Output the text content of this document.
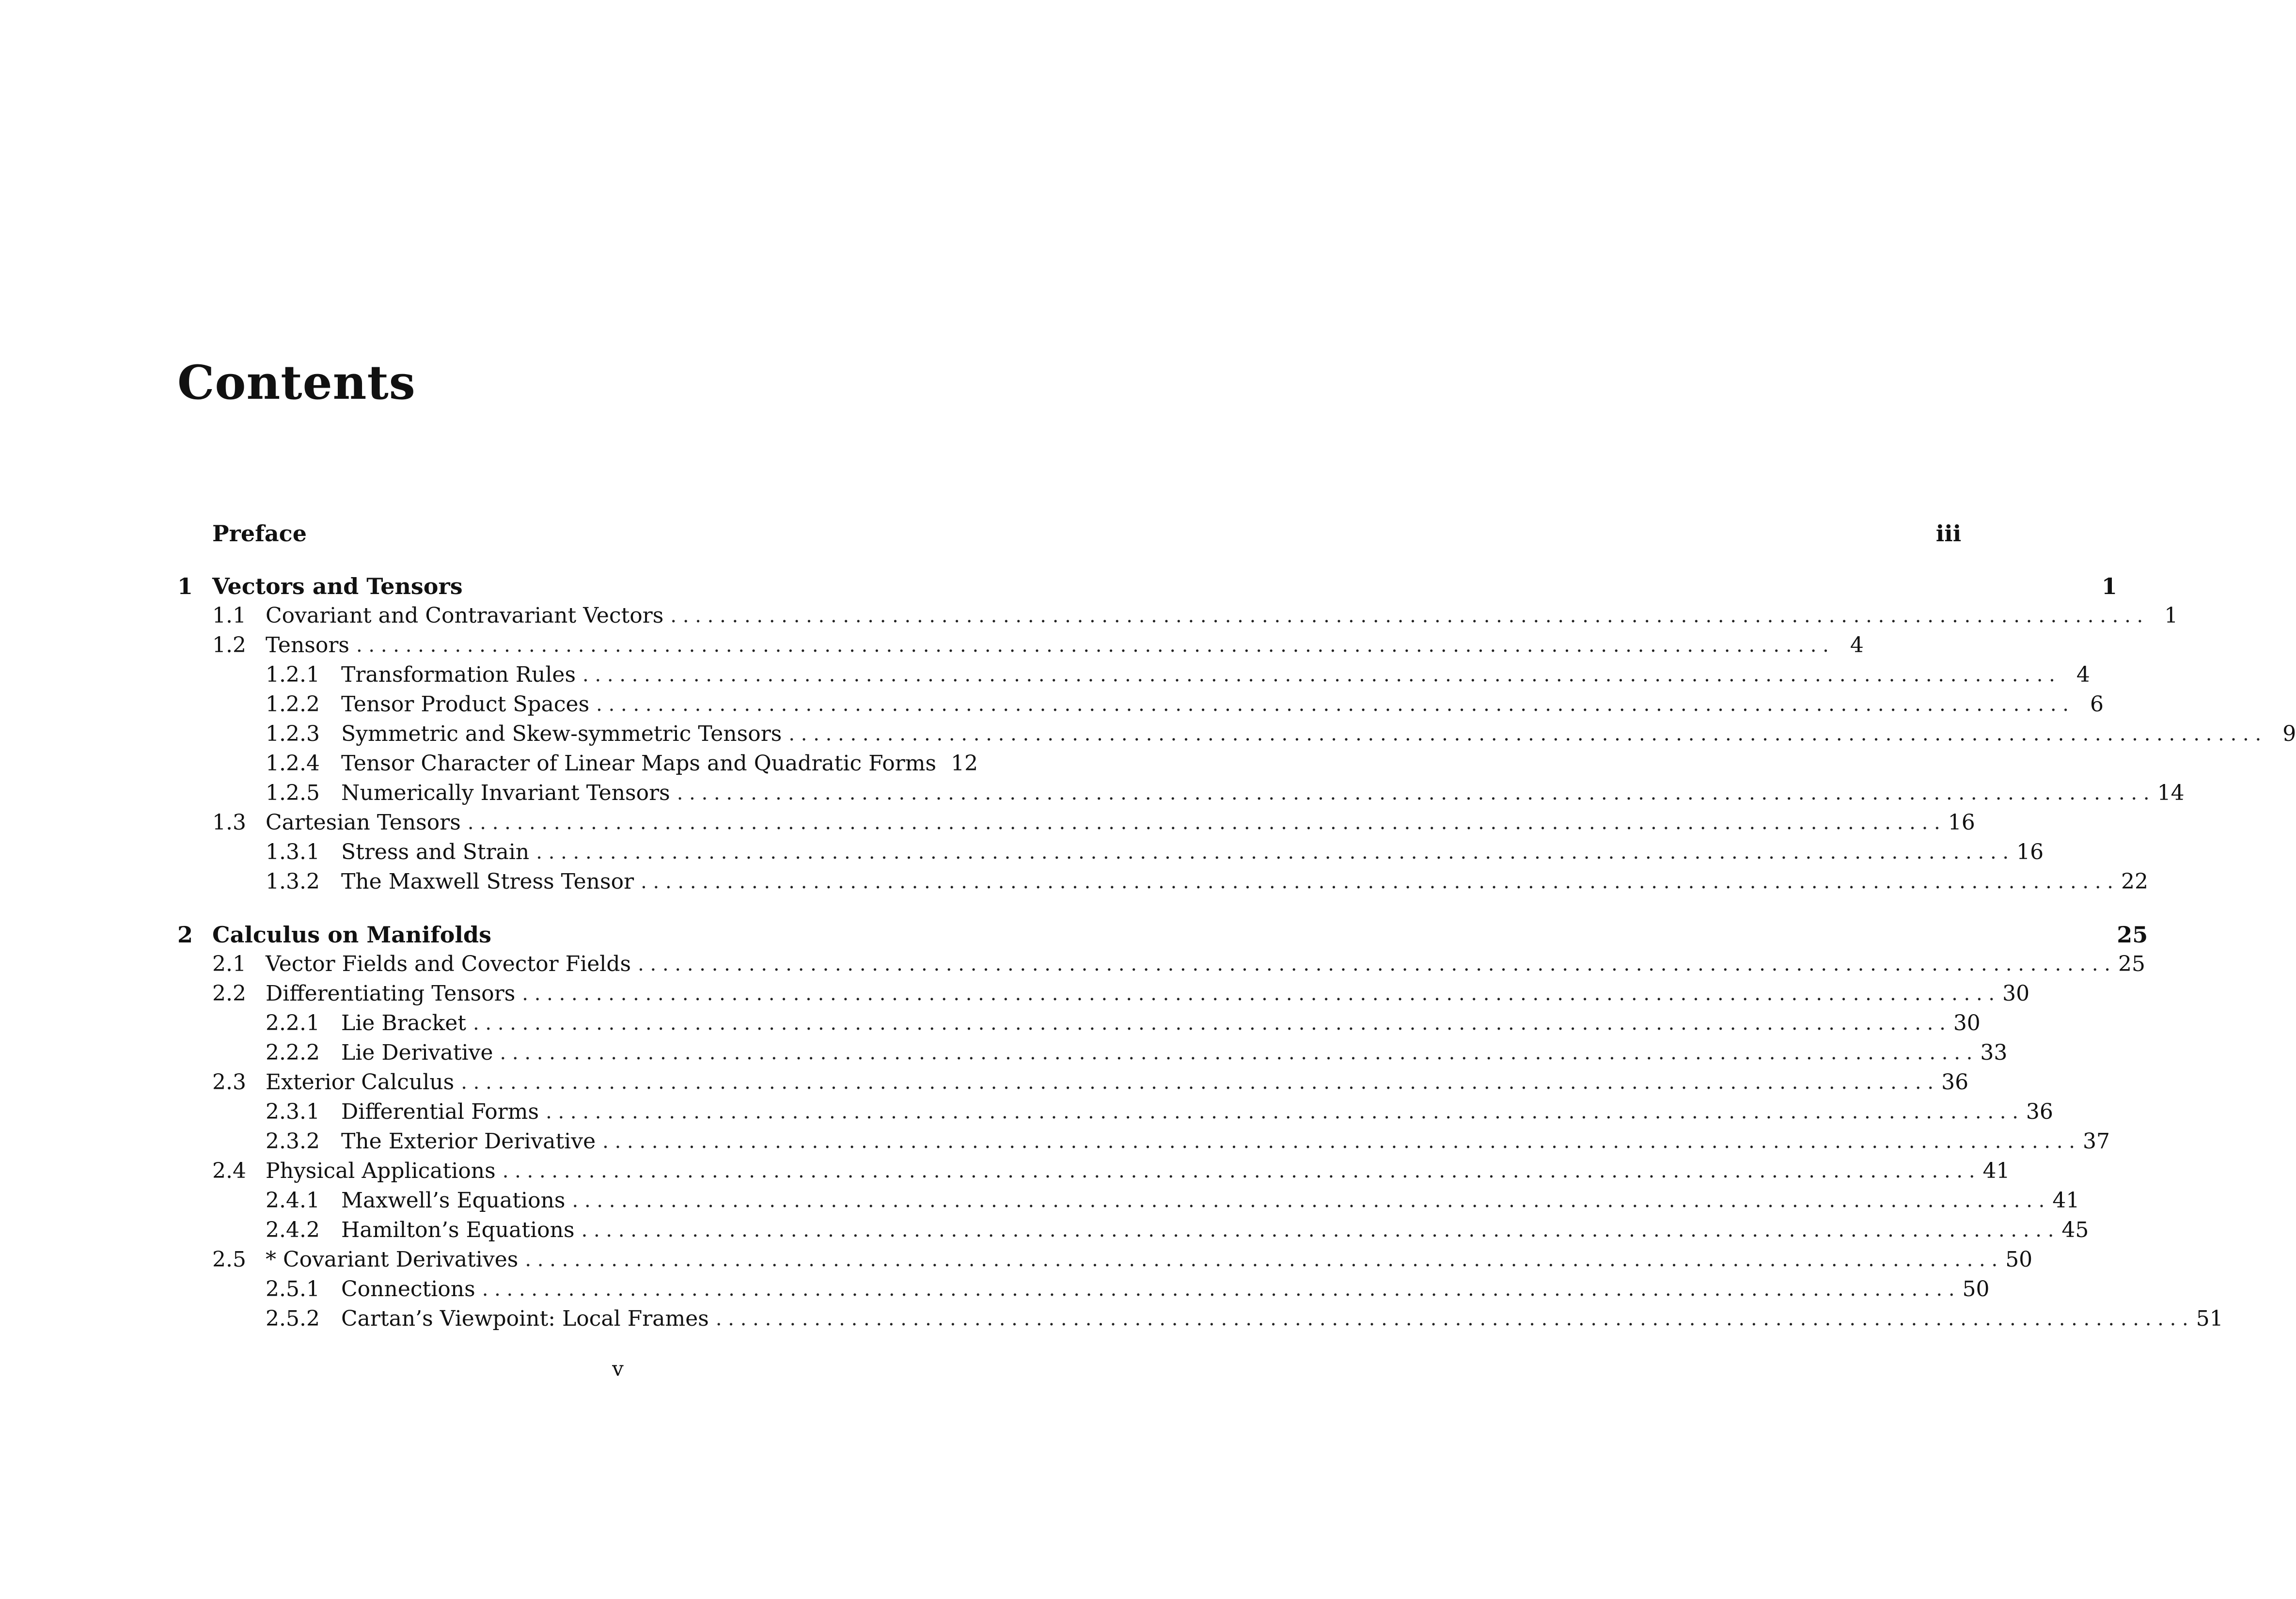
Contents
Preface	iii
1 Vectors and Tensors	1
1.1 Covariant and Contravariant Vectors . . . . . . . . . . . . . . . . . . . . . . . . . . . . . . . . . . . . . . . . . . . . . . . . . . . . . . . . . . . . . . . . . . . . . . . . . . . . . . . . . . . . . . . . . . . . . . . . . . . . . . . . . . . . . . . . . . . . . . . .	1
1.2 Tensors . . . . . . . . . . . . . . . . . . . . . . . . . . . . . . . . . . . . . . . . . . . . . . . . . . . . . . . . . . . . . . . . . . . . . . . . . . . . . . . . . . . . . . . . . . . . . . . . . . . . . . . . . . . . . . . . . . . . . . . .	4
1.2.1	Transformation Rules . . . . . . . . . . . . . . . . . . . . . . . . . . . . . . . . . . . . . . . . . . . . . . . . . . . . . . . . . . . . . . . . . . . . . . . . . . . . . . . . . . . . . . . . . . . . . . . . . . . . . . . . . . . . . . . . . . . . . . . .	4
1.2.2	Tensor Product Spaces . . . . . . . . . . . . . . . . . . . . . . . . . . . . . . . . . . . . . . . . . . . . . . . . . . . . . . . . . . . . . . . . . . . . . . . . . . . . . . . . . . . . . . . . . . . . . . . . . . . . . . . . . . . . . . . . . . . . . . . .	6
1.2.3	Symmetric and Skew-symmetric Tensors . . . . . . . . . . . . . . . . . . . . . . . . . . . . . . . . . . . . . . . . . . . . . . . . . . . . . . . . . . . . . . . . . . . . . . . . . . . . . . . . . . . . . . . . . . . . . . . . . . . . . . . . . . . . . . . . . . . . . . . .	9
1.2.4	Tensor Character of Linear Maps and Quadratic Forms 12
1.2.5	Numerically Invariant Tensors . . . . . . . . . . . . . . . . . . . . . . . . . . . . . . . . . . . . . . . . . . . . . . . . . . . . . . . . . . . . . . . . . . . . . . . . . . . . . . . . . . . . . . . . . . . . . . . . . . . . . . . . . . . . . . . . . . . . . . . . 14
1.3 Cartesian Tensors . . . . . . . . . . . . . . . . . . . . . . . . . . . . . . . . . . . . . . . . . . . . . . . . . . . . . . . . . . . . . . . . . . . . . . . . . . . . . . . . . . . . . . . . . . . . . . . . . . . . . . . . . . . . . . . . . . . . . . . . 16
1.3.1	Stress and Strain . . . . . . . . . . . . . . . . . . . . . . . . . . . . . . . . . . . . . . . . . . . . . . . . . . . . . . . . . . . . . . . . . . . . . . . . . . . . . . . . . . . . . . . . . . . . . . . . . . . . . . . . . . . . . . . . . . . . . . . . 16
1.3.2	The Maxwell Stress Tensor . . . . . . . . . . . . . . . . . . . . . . . . . . . . . . . . . . . . . . . . . . . . . . . . . . . . . . . . . . . . . . . . . . . . . . . . . . . . . . . . . . . . . . . . . . . . . . . . . . . . . . . . . . . . . . . . . . . . . . . . 22
2 Calculus on Manifolds	25
2.1 Vector Fields and Covector Fields . . . . . . . . . . . . . . . . . . . . . . . . . . . . . . . . . . . . . . . . . . . . . . . . . . . . . . . . . . . . . . . . . . . . . . . . . . . . . . . . . . . . . . . . . . . . . . . . . . . . . . . . . . . . . . . . . . . . . . . . 25
2.2 Differentiating Tensors . . . . . . . . . . . . . . . . . . . . . . . . . . . . . . . . . . . . . . . . . . . . . . . . . . . . . . . . . . . . . . . . . . . . . . . . . . . . . . . . . . . . . . . . . . . . . . . . . . . . . . . . . . . . . . . . . . . . . . . . 30
2.2.1	Lie Bracket . . . . . . . . . . . . . . . . . . . . . . . . . . . . . . . . . . . . . . . . . . . . . . . . . . . . . . . . . . . . . . . . . . . . . . . . . . . . . . . . . . . . . . . . . . . . . . . . . . . . . . . . . . . . . . . . . . . . . . . . 30
2.2.2	Lie Derivative . . . . . . . . . . . . . . . . . . . . . . . . . . . . . . . . . . . . . . . . . . . . . . . . . . . . . . . . . . . . . . . . . . . . . . . . . . . . . . . . . . . . . . . . . . . . . . . . . . . . . . . . . . . . . . . . . . . . . . . . 33
2.3 Exterior Calculus . . . . . . . . . . . . . . . . . . . . . . . . . . . . . . . . . . . . . . . . . . . . . . . . . . . . . . . . . . . . . . . . . . . . . . . . . . . . . . . . . . . . . . . . . . . . . . . . . . . . . . . . . . . . . . . . . . . . . . . . 36
2.3.1	Differential Forms . . . . . . . . . . . . . . . . . . . . . . . . . . . . . . . . . . . . . . . . . . . . . . . . . . . . . . . . . . . . . . . . . . . . . . . . . . . . . . . . . . . . . . . . . . . . . . . . . . . . . . . . . . . . . . . . . . . . . . . . 36
2.3.2	The Exterior Derivative . . . . . . . . . . . . . . . . . . . . . . . . . . . . . . . . . . . . . . . . . . . . . . . . . . . . . . . . . . . . . . . . . . . . . . . . . . . . . . . . . . . . . . . . . . . . . . . . . . . . . . . . . . . . . . . . . . . . . . . . 37
2.4 Physical Applications . . . . . . . . . . . . . . . . . . . . . . . . . . . . . . . . . . . . . . . . . . . . . . . . . . . . . . . . . . . . . . . . . . . . . . . . . . . . . . . . . . . . . . . . . . . . . . . . . . . . . . . . . . . . . . . . . . . . . . . . 41
2.4.1	Maxwell’s Equations . . . . . . . . . . . . . . . . . . . . . . . . . . . . . . . . . . . . . . . . . . . . . . . . . . . . . . . . . . . . . . . . . . . . . . . . . . . . . . . . . . . . . . . . . . . . . . . . . . . . . . . . . . . . . . . . . . . . . . . . 41
2.4.2	Hamilton’s Equations . . . . . . . . . . . . . . . . . . . . . . . . . . . . . . . . . . . . . . . . . . . . . . . . . . . . . . . . . . . . . . . . . . . . . . . . . . . . . . . . . . . . . . . . . . . . . . . . . . . . . . . . . . . . . . . . . . . . . . . . 45
2.5 * Covariant Derivatives . . . . . . . . . . . . . . . . . . . . . . . . . . . . . . . . . . . . . . . . . . . . . . . . . . . . . . . . . . . . . . . . . . . . . . . . . . . . . . . . . . . . . . . . . . . . . . . . . . . . . . . . . . . . . . . . . . . . . . . . 50
2.5.1	Connections . . . . . . . . . . . . . . . . . . . . . . . . . . . . . . . . . . . . . . . . . . . . . . . . . . . . . . . . . . . . . . . . . . . . . . . . . . . . . . . . . . . . . . . . . . . . . . . . . . . . . . . . . . . . . . . . . . . . . . . . 50
2.5.2	Cartan’s Viewpoint: Local Frames . . . . . . . . . . . . . . . . . . . . . . . . . . . . . . . . . . . . . . . . . . . . . . . . . . . . . . . . . . . . . . . . . . . . . . . . . . . . . . . . . . . . . . . . . . . . . . . . . . . . . . . . . . . . . . . . . . . . . . . . 51
v
